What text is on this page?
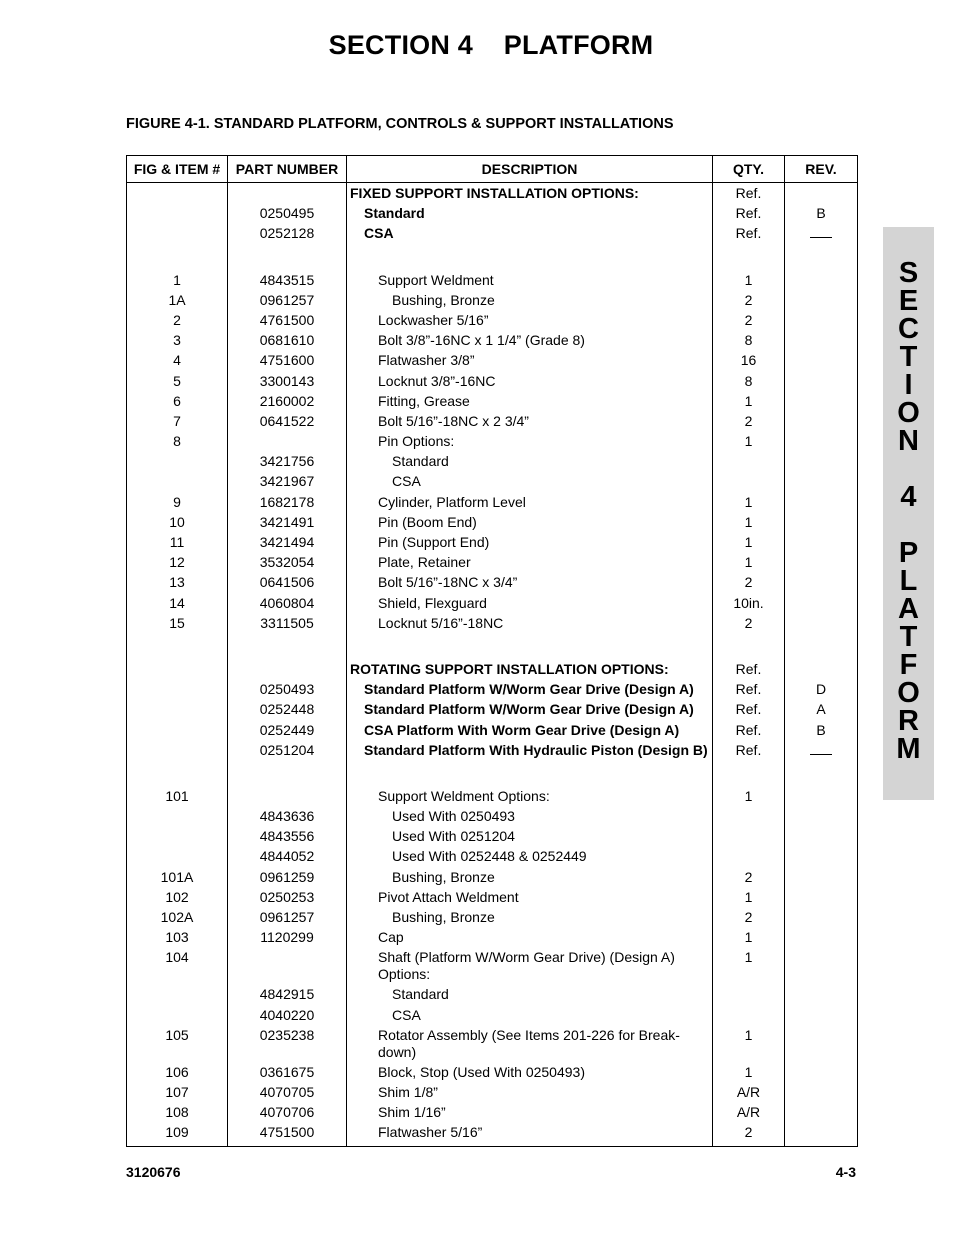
SECTION 4    PLATFORM
FIGURE 4-1. STANDARD PLATFORM, CONTROLS & SUPPORT INSTALLATIONS
FIG & ITEM #	PART NUMBER	DESCRIPTION	QTY.	REV.
		FIXED SUPPORT INSTALLATION OPTIONS:	Ref.	
	0250495	Standard	Ref.	B
	0252128	CSA	Ref.	

1	4843515	Support Weldment	1	
1A	0961257	Bushing, Bronze	2	
2	4761500	Lockwasher 5/16”	2	
3	0681610	Bolt 3/8”-16NC x 1 1/4” (Grade 8)	8	
4	4751600	Flatwasher 3/8”	16	
5	3300143	Locknut 3/8”-16NC	8	
6	2160002	Fitting, Grease	1	
7	0641522	Bolt 5/16”-18NC x 2 3/4”	2	
8		Pin Options:	1	
	3421756	Standard		
	3421967	CSA		
9	1682178	Cylinder, Platform Level	1	
10	3421491	Pin (Boom End)	1	
11	3421494	Pin (Support End)	1	
12	3532054	Plate, Retainer	1	
13	0641506	Bolt 5/16”-18NC x 3/4”	2	
14	4060804	Shield, Flexguard	10in.	
15	3311505	Locknut 5/16”-18NC	2	

		ROTATING SUPPORT INSTALLATION OPTIONS:	Ref.	
	0250493	Standard Platform W/Worm Gear Drive (Design A)	Ref.	D
	0252448	Standard Platform W/Worm Gear Drive (Design A)	Ref.	A
	0252449	CSA Platform With Worm Gear Drive (Design A)	Ref.	B
	0251204	Standard Platform With Hydraulic Piston (Design B)	Ref.	

101		Support Weldment Options:	1	
	4843636	Used With 0250493		
	4843556	Used With 0251204		
	4844052	Used With 0252448 & 0252449		
101A	0961259	Bushing, Bronze	2	
102	0250253	Pivot Attach Weldment	1	
102A	0961257	Bushing, Bronze	2	
103	1120299	Cap	1	
104		Shaft (Platform W/Worm Gear Drive) (Design A) Options:	1	
	4842915	Standard		
	4040220	CSA		
105	0235238	Rotator Assembly (See Items 201-226 for Break-down)	1	
106	0361675	Block, Stop (Used With 0250493)	1	
107	4070705	Shim 1/8”	A/R	
108	4070706	Shim 1/16”	A/R	
109	4751500	Flatwasher 5/16”	2	
S
E
C
T
I
O
N
4
P
L
A
T
F
O
R
M
3120676	4-3
